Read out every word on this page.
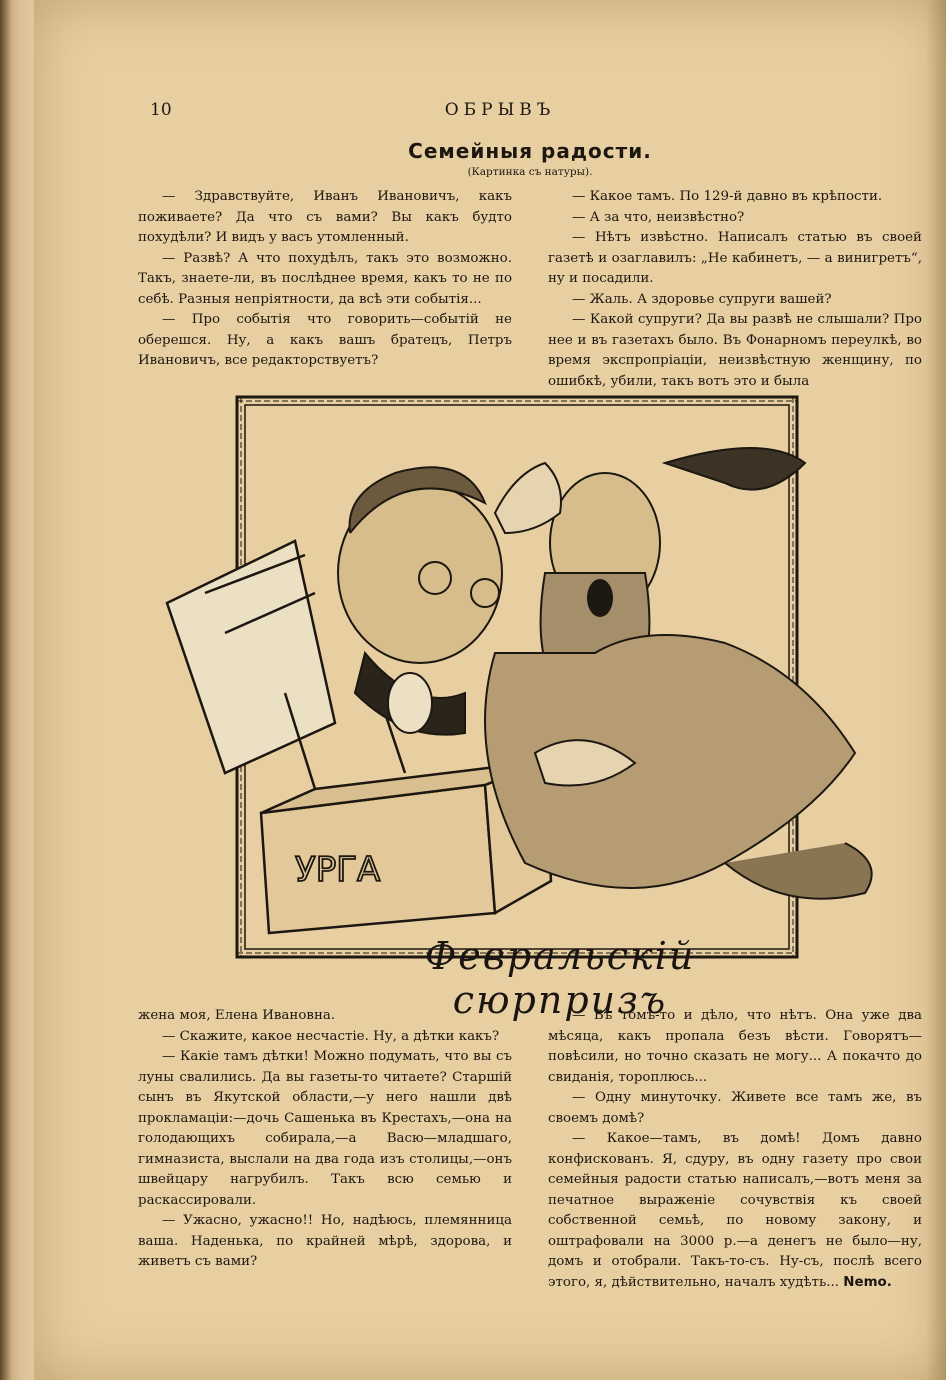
10	ОБРЫВЪ
Семейныя радости.
(Картинка съ натуры).

— Здравствуйте, Иванъ Ивановичъ, какъ поживаете? Да что съ вами? Вы какъ будто похудѣли? И видъ у васъ утомленный.

— Развѣ? А что похудѣлъ, такъ это возможно. Такъ, знаете-ли, въ послѣднее время, какъ то не по себѣ. Разныя непріятности, да всѣ эти событія...

— Про событія что говорить—событій не оберешся. Ну, а какъ вашъ братецъ, Петръ Ивановичъ, все редакторствуетъ?

— Какое тамъ. По 129-й давно въ крѣпости.

— А за что, неизвѣстно?

— Нѣтъ извѣстно. Написалъ статью въ своей газетѣ и озаглавилъ: „Не кабинетъ, — а винигретъ“, ну и посадили.

— Жаль. А здоровье супруги вашей?

— Какой супруги? Да вы развѣ не слышали? Про нее и въ газетахъ было. Въ Фонарномъ переулкѣ, во время экспропріаціи, неизвѣстную женщину, по ошибкѣ, убили, такъ вотъ это и была

УРГА
Февральскій сюрпризъ

жена моя, Елена Ивановна.

— Скажите, какое несчастіе. Ну, а дѣтки какъ?

— Какіе тамъ дѣтки! Можно подумать, что вы съ луны свалились. Да вы газеты-то читаете? Старшій сынъ въ Якутской области,—у него нашли двѣ прокламаціи:—дочь Сашенька въ Крестахъ,—она на голодающихъ собирала,—а Васю—младшаго, гимназиста, выслали на два года изъ столицы,—онъ швейцару нагрубилъ. Такъ всю семью и раскассировали.

— Ужасно, ужасно!! Но, надѣюсь, племянница ваша. Наденька, по крайней мѣрѣ, здорова, и живетъ съ вами?

— Въ томъ-то и дѣло, что нѣтъ. Она уже два мѣсяца, какъ пропала безъ вѣсти. Говорятъ—повѣсили, но точно сказать не могу... А покачто до свиданія, тороплюсь...

— Одну минуточку. Живете все тамъ же, въ своемъ домѣ?

— Какое—тамъ, въ домѣ! Домъ давно конфискованъ. Я, сдуру, въ одну газету про свои семейныя радости статью написалъ,—вотъ меня за печатное выраженіе сочувствія къ своей собственной семьѣ, по новому закону, и оштрафовали на 3000 р.—а денегъ не было—ну, домъ и отобрали. Такъ-то-съ. Ну-съ, послѣ всего этого, я, дѣйствительно, началъ худѣть... Nemo.
